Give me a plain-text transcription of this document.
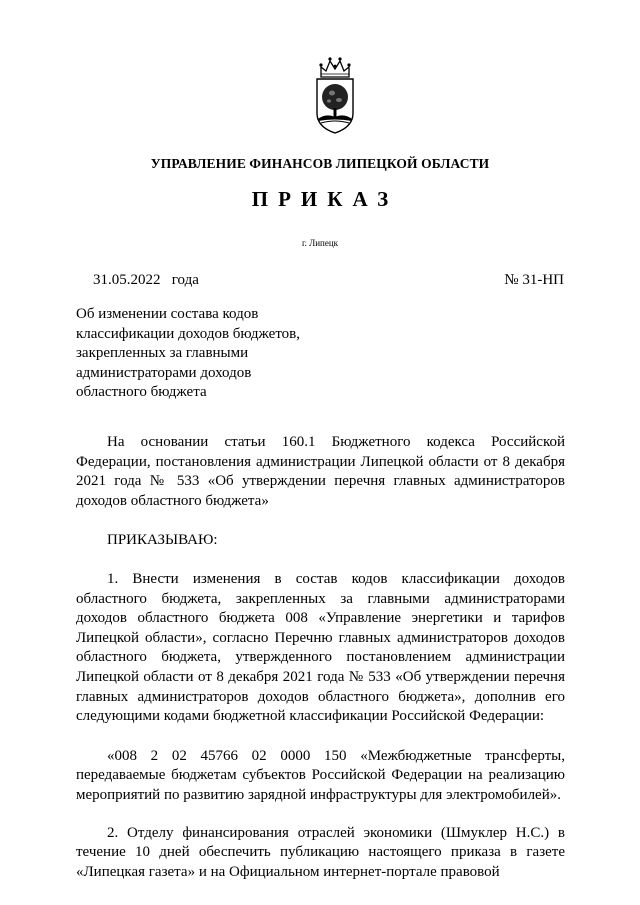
УПРАВЛЕНИЕ ФИНАНСОВ ЛИПЕЦКОЙ ОБЛАСТИ
ПРИКАЗ
г. Липецк
31.05.2022   года	№ 31-НП
Об изменении состава кодов
классификации доходов бюджетов,
закрепленных за главными
администраторами доходов
областного бюджета

На основании статьи 160.1 Бюджетного кодекса Российской Федерации, постановления администрации Липецкой области от 8 декабря 2021 года № 533 «Об утверждении перечня главных администраторов доходов областного бюджета»

ПРИКАЗЫВАЮ:

1. Внести изменения в состав кодов классификации доходов областного бюджета, закрепленных за главными администраторами доходов областного бюджета 008 «Управление энергетики и тарифов Липецкой области», согласно Перечню главных администраторов доходов областного бюджета, утвержденного постановлением администрации Липецкой области от 8 декабря 2021 года № 533 «Об утверждении перечня главных администраторов доходов областного бюджета», дополнив его следующими кодами бюджетной классификации Российской Федерации:

«008 2 02 45766 02 0000 150 «Межбюджетные трансферты, передаваемые бюджетам субъектов Российской Федерации на реализацию мероприятий по развитию зарядной инфраструктуры для электромобилей».

2. Отделу финансирования отраслей экономики (Шмуклер Н.С.) в течение 10 дней обеспечить публикацию настоящего приказа в газете «Липецкая газета» и на Официальном интернет-портале правовой
